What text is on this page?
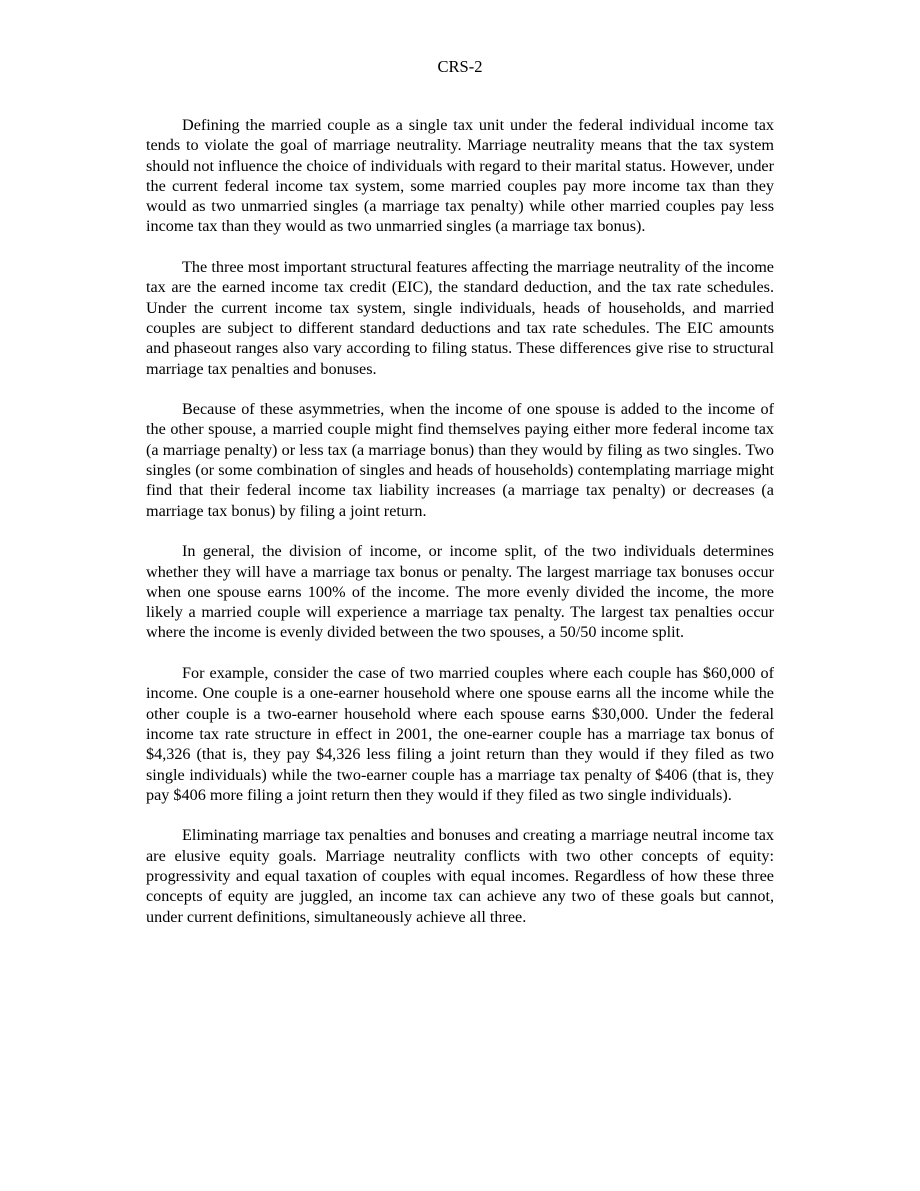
CRS-2

Defining the married couple as a single tax unit under the federal individual income tax tends to violate the goal of marriage neutrality. Marriage neutrality means that the tax system should not influence the choice of individuals with regard to their marital status. However, under the current federal income tax system, some married couples pay more income tax than they would as two unmarried singles (a marriage tax penalty) while other married couples pay less income tax than they would as two unmarried singles (a marriage tax bonus).

The three most important structural features affecting the marriage neutrality of the income tax are the earned income tax credit (EIC), the standard deduction, and the tax rate schedules. Under the current income tax system, single individuals, heads of households, and married couples are subject to different standard deductions and tax rate schedules. The EIC amounts and phaseout ranges also vary according to filing status. These differences give rise to structural marriage tax penalties and bonuses.

Because of these asymmetries, when the income of one spouse is added to the income of the other spouse, a married couple might find themselves paying either more federal income tax (a marriage penalty) or less tax (a marriage bonus) than they would by filing as two singles. Two singles (or some combination of singles and heads of households) contemplating marriage might find that their federal income tax liability increases (a marriage tax penalty) or decreases (a marriage tax bonus) by filing a joint return.

In general, the division of income, or income split, of the two individuals determines whether they will have a marriage tax bonus or penalty. The largest marriage tax bonuses occur when one spouse earns 100% of the income. The more evenly divided the income, the more likely a married couple will experience a marriage tax penalty. The largest tax penalties occur where the income is evenly divided between the two spouses, a 50/50 income split.

For example, consider the case of two married couples where each couple has $60,000 of income. One couple is a one-earner household where one spouse earns all the income while the other couple is a two-earner household where each spouse earns $30,000. Under the federal income tax rate structure in effect in 2001, the one-earner couple has a marriage tax bonus of $4,326 (that is, they pay $4,326 less filing a joint return than they would if they filed as two single individuals) while the two-earner couple has a marriage tax penalty of $406 (that is, they pay $406 more filing a joint return then they would if they filed as two single individuals).

Eliminating marriage tax penalties and bonuses and creating a marriage neutral income tax are elusive equity goals. Marriage neutrality conflicts with two other concepts of equity: progressivity and equal taxation of couples with equal incomes. Regardless of how these three concepts of equity are juggled, an income tax can achieve any two of these goals but cannot, under current definitions, simultaneously achieve all three.
